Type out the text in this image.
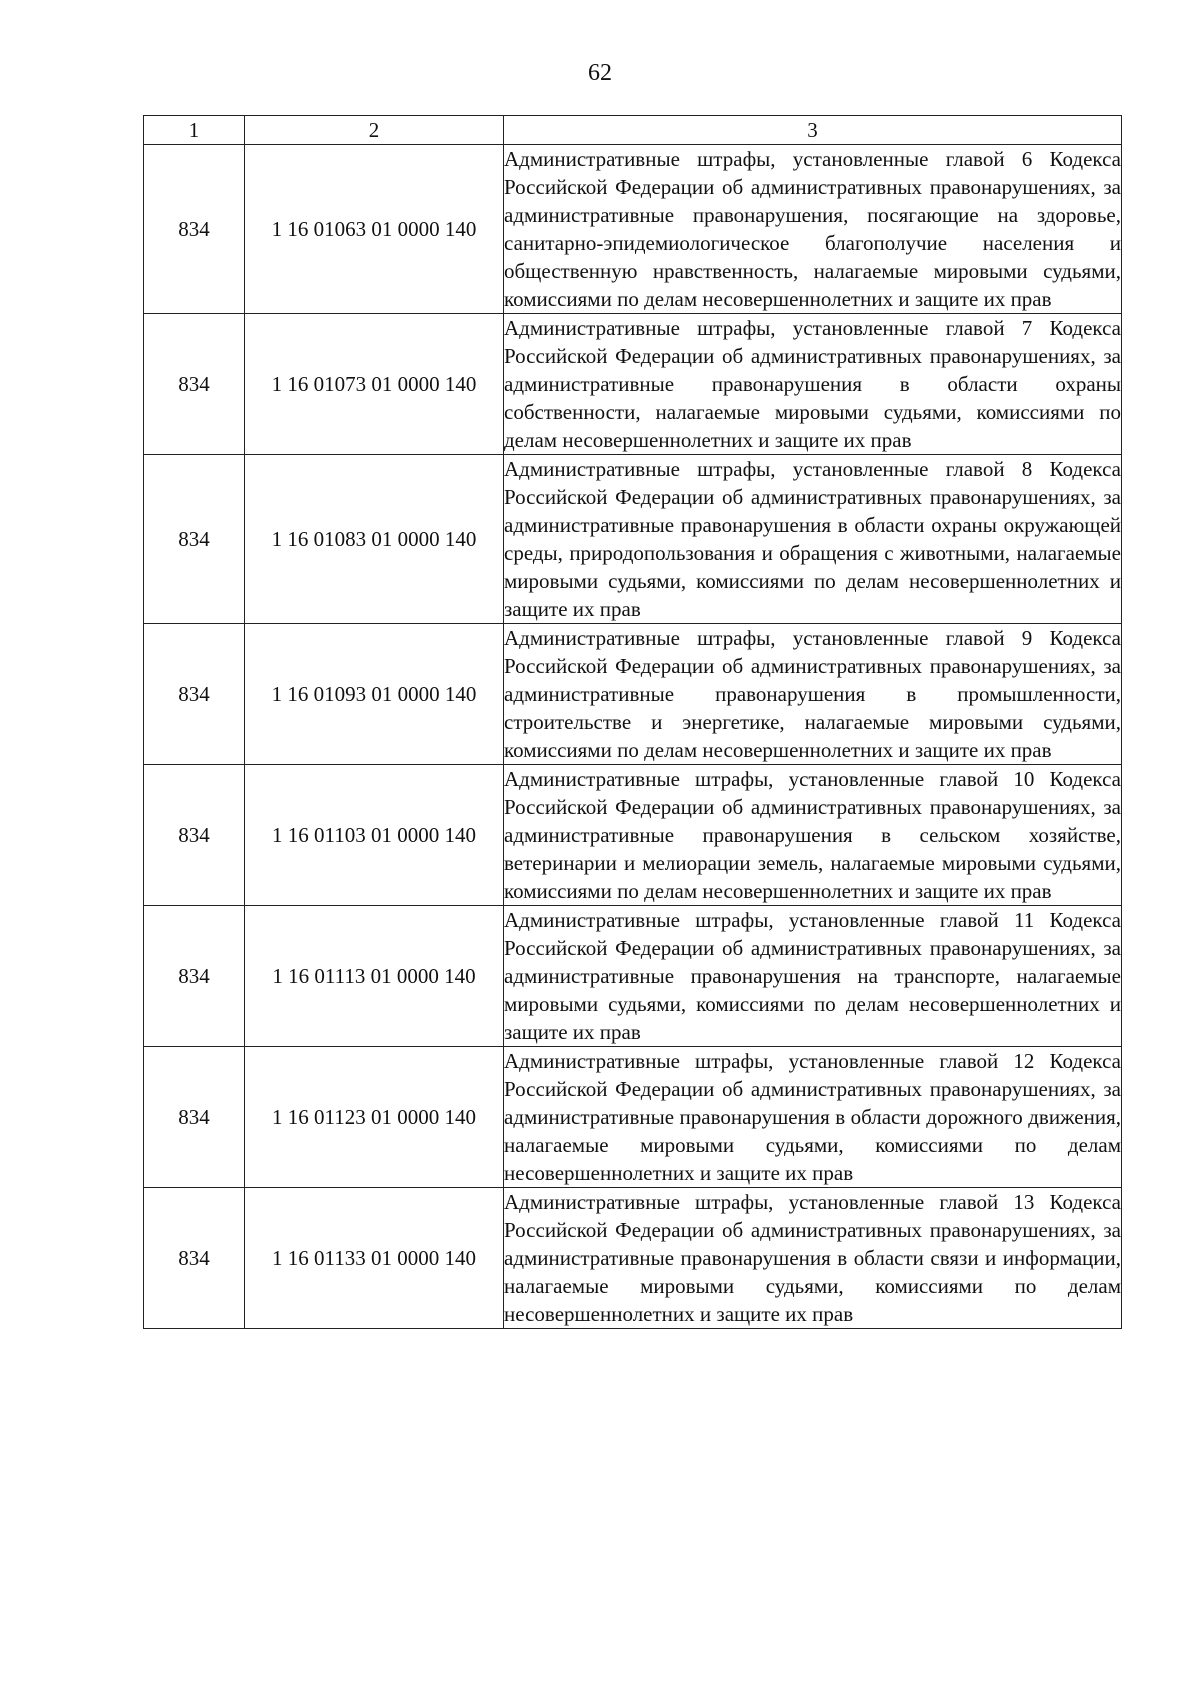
62
1	2	3
834	1 16 01063 01 0000 140	Административные штрафы, установленные главой 6 Кодекса Российской Федерации об административных правонарушениях, за административные правонарушения, посягающие на здоровье, санитарно-эпидемиологическое благополучие населения и общественную нравственность, налагаемые мировыми судьями, комиссиями по делам несовершеннолетних и защите их прав
834	1 16 01073 01 0000 140	Административные штрафы, установленные главой 7 Кодекса Российской Федерации об административных правонарушениях, за административные правонарушения в области охраны собственности, налагаемые мировыми судьями, комиссиями по делам несовершеннолетних и защите их прав
834	1 16 01083 01 0000 140	Административные штрафы, установленные главой 8 Кодекса Российской Федерации об административных правонарушениях, за административные правонарушения в области охраны окружающей среды, природопользования и обращения с животными, налагаемые мировыми судьями, комиссиями по делам несовершеннолетних и защите их прав
834	1 16 01093 01 0000 140	Административные штрафы, установленные главой 9 Кодекса Российской Федерации об административных правонарушениях, за административные правонарушения в промышленности, строительстве и энергетике, налагаемые мировыми судьями, комиссиями по делам несовершеннолетних и защите их прав
834	1 16 01103 01 0000 140	Административные штрафы, установленные главой 10 Кодекса Российской Федерации об административных правонарушениях, за административные правонарушения в сельском хозяйстве, ветеринарии и мелиорации земель, налагаемые мировыми судьями, комиссиями по делам несовершеннолетних и защите их прав
834	1 16 01113 01 0000 140	Административные штрафы, установленные главой 11 Кодекса Российской Федерации об административных правонарушениях, за административные правонарушения на транспорте, налагаемые мировыми судьями, комиссиями по делам несовершеннолетних и защите их прав
834	1 16 01123 01 0000 140	Административные штрафы, установленные главой 12 Кодекса Российской Федерации об административных правонарушениях, за административные правонарушения в области дорожного движения, налагаемые мировыми судьями, комиссиями по делам несовершеннолетних и защите их прав
834	1 16 01133 01 0000 140	Административные штрафы, установленные главой 13 Кодекса Российской Федерации об административных правонарушениях, за административные правонарушения в области связи и информации, налагаемые мировыми судьями, комиссиями по делам несовершеннолетних и защите их прав
